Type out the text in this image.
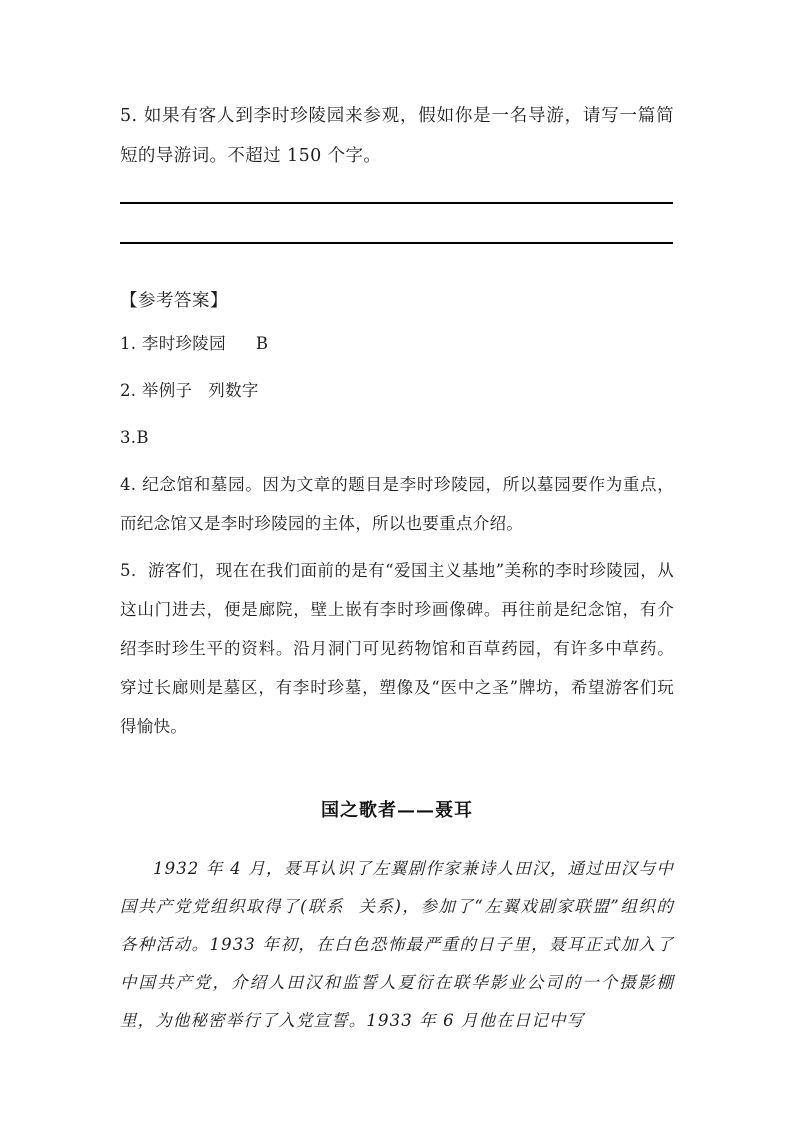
5. 如果有客人到李时珍陵园来参观，假如你是一名导游，请写一篇简短的导游词。不超过 150 个字。

【参考答案】
1. 李时珍陵园 B
2. 举例子 列数字
3.B
4. 纪念馆和墓园。因为文章的题目是李时珍陵园，所以墓园要作为重点，而纪念馆又是李时珍陵园的主体，所以也要重点介绍。
5．游客们，现在在我们面前的是有“爱国主义基地”美称的李时珍陵园，从这山门进去，便是廊院，壁上嵌有李时珍画像碑。再往前是纪念馆，有介绍李时珍生平的资料。沿月洞门可见药物馆和百草药园，有许多中草药。穿过长廊则是墓区，有李时珍墓，塑像及“医中之圣”牌坊，希望游客们玩得愉快。
国之歌者——聂耳

1932 年 4 月，聂耳认识了左翼剧作家兼诗人田汉，通过田汉与中国共产党党组织取得了(联系 关系)，参加了“左翼戏剧家联盟”组织的各种活动。1933 年初，在白色恐怖最严重的日子里，聂耳正式加入了中国共产党，介绍人田汉和监誓人夏衍在联华影业公司的一个摄影棚里，为他秘密举行了入党宣誓。1933 年 6 月他在日记中写
